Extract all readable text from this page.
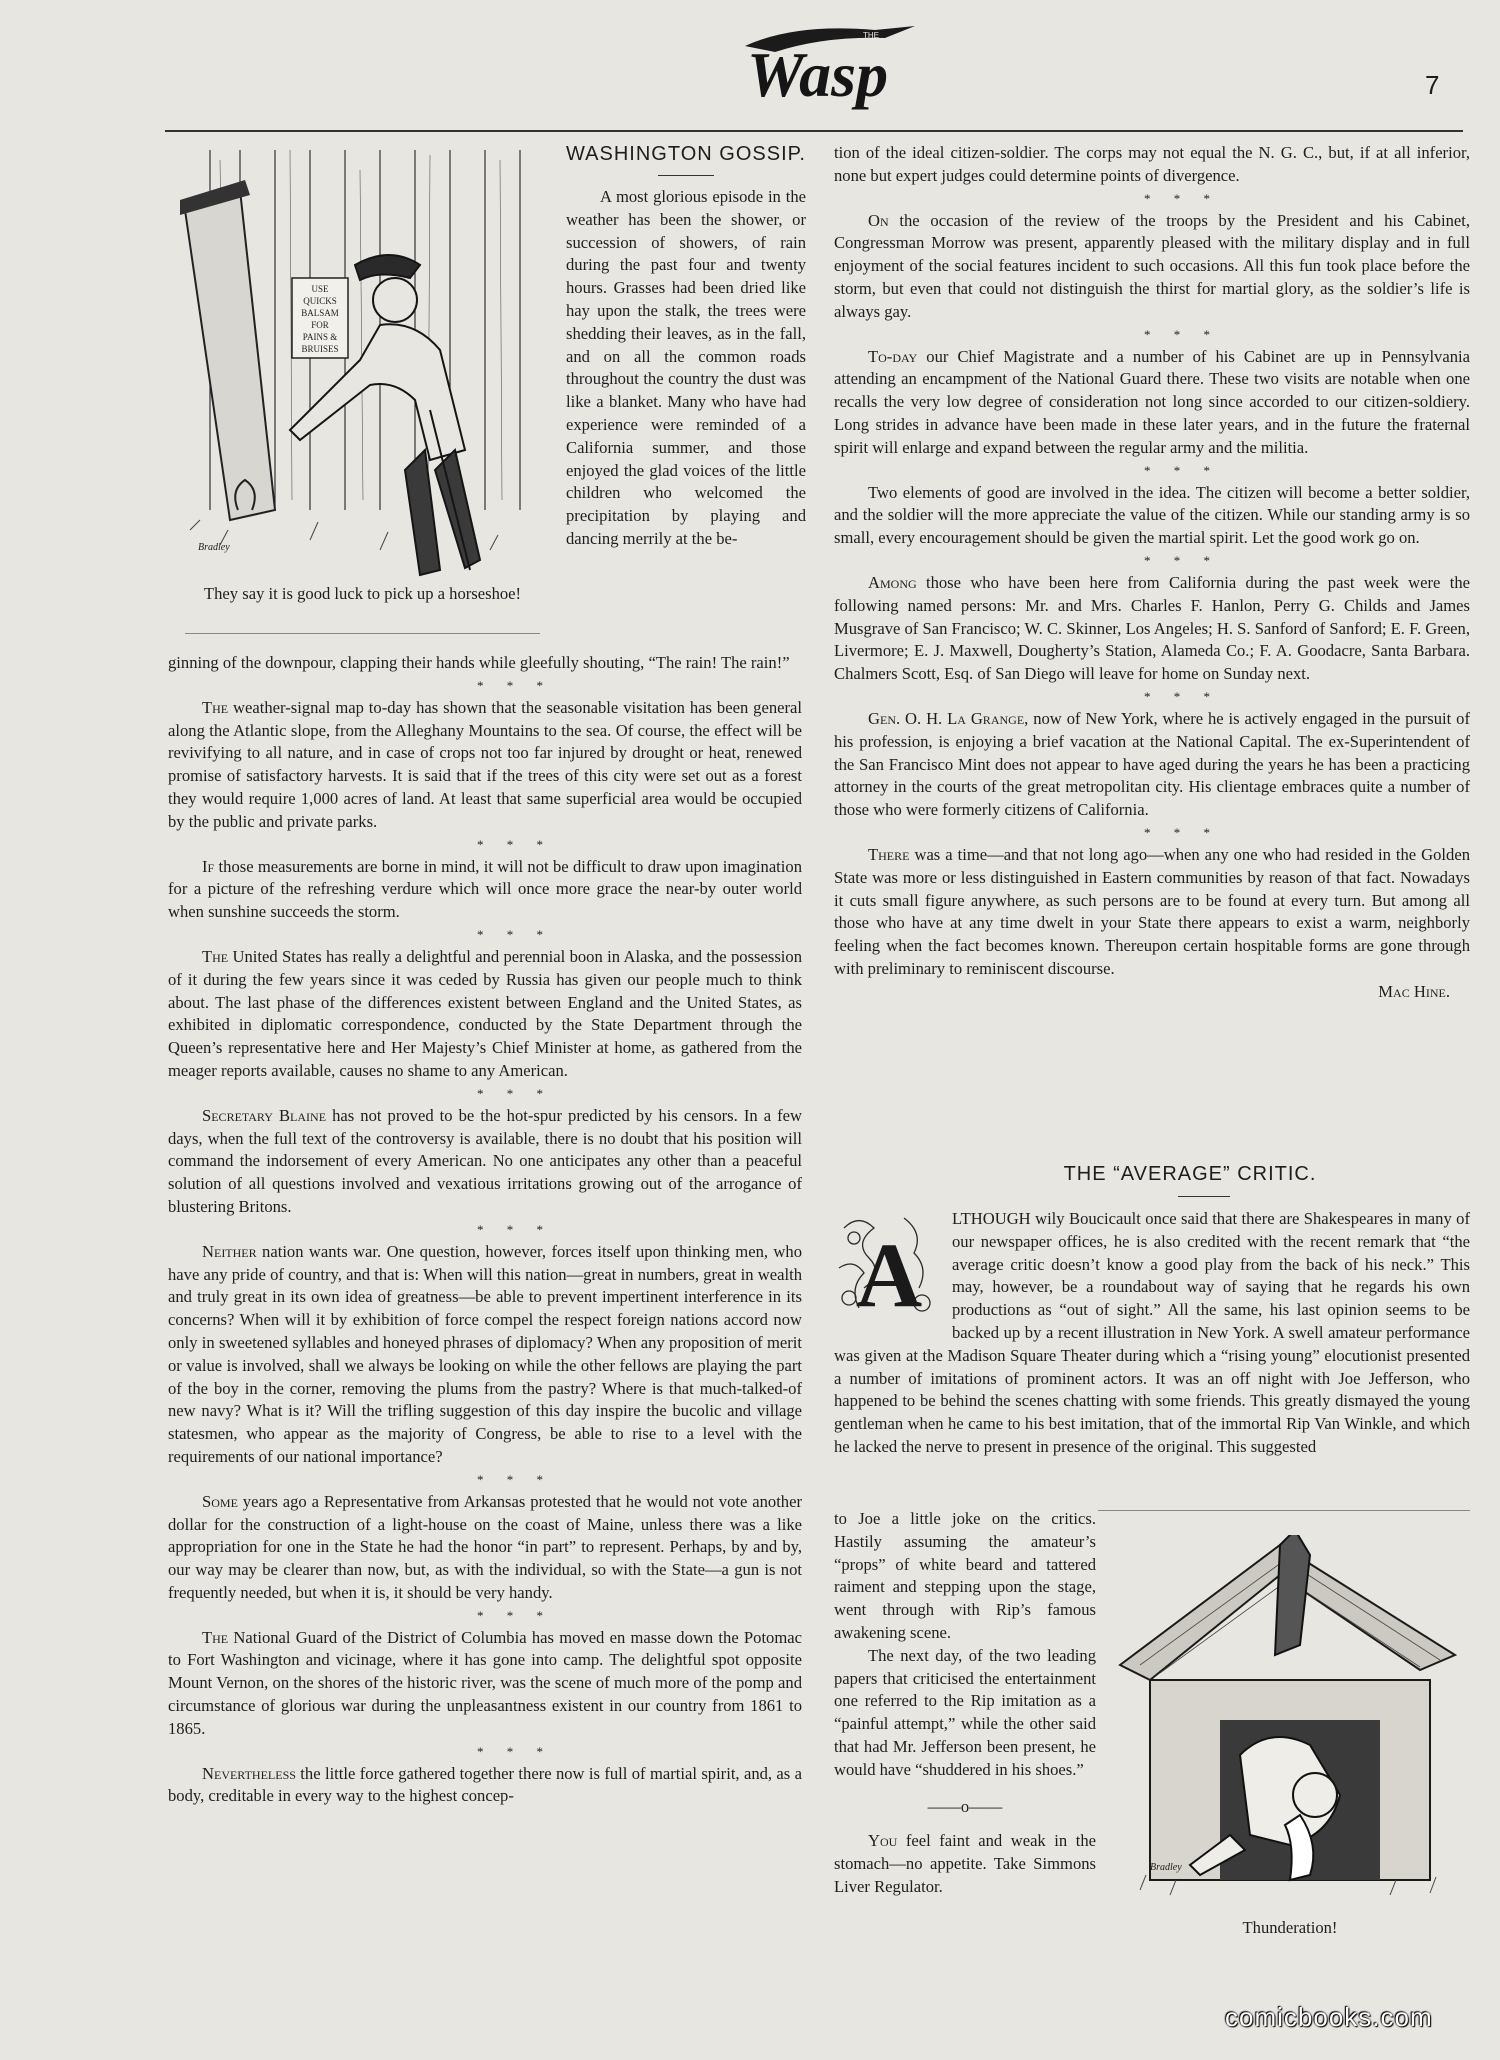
THE
Wasp	7
USE
QUICKS
BALSAM
FOR
PAINS &
BRUISES
Bradley
They say it is good luck to pick up a horseshoe!
WASHINGTON GOSSIP.

A most glorious episode in the weather has been the shower, or succession of showers, of rain during the past four and twenty hours. Grasses had been dried like hay upon the stalk, the trees were shedding their leaves, as in the fall, and on all the common roads throughout the country the dust was like a blanket. Many who have had experience were reminded of a California summer, and those enjoyed the glad voices of the little children who welcomed the precipitation by playing and dancing merrily at the be-

ginning of the downpour, clapping their hands while gleefully shouting, “The rain! The rain!”

* * *

The weather-signal map to-day has shown that the seasonable visitation has been general along the Atlantic slope, from the Alleghany Mountains to the sea. Of course, the effect will be revivifying to all nature, and in case of crops not too far injured by drought or heat, renewed promise of satisfactory harvests. It is said that if the trees of this city were set out as a forest they would require 1,000 acres of land. At least that same superficial area would be occupied by the public and private parks.

* * *

If those measurements are borne in mind, it will not be difficult to draw upon imagination for a picture of the refreshing verdure which will once more grace the near-by outer world when sunshine succeeds the storm.

* * *

The United States has really a delightful and perennial boon in Alaska, and the possession of it during the few years since it was ceded by Russia has given our people much to think about. The last phase of the differences existent between England and the United States, as exhibited in diplomatic correspondence, conducted by the State Department through the Queen’s representative here and Her Majesty’s Chief Minister at home, as gathered from the meager reports available, causes no shame to any American.

* * *

Secretary Blaine has not proved to be the hot-spur predicted by his censors. In a few days, when the full text of the controversy is available, there is no doubt that his position will command the indorsement of every American. No one anticipates any other than a peaceful solution of all questions involved and vexatious irritations growing out of the arrogance of blustering Britons.

* * *

Neither nation wants war. One question, however, forces itself upon thinking men, who have any pride of country, and that is: When will this nation—great in numbers, great in wealth and truly great in its own idea of greatness—be able to prevent impertinent interference in its concerns? When will it by exhibition of force compel the respect foreign nations accord now only in sweetened syllables and honeyed phrases of diplomacy? When any proposition of merit or value is involved, shall we always be looking on while the other fellows are playing the part of the boy in the corner, removing the plums from the pastry? Where is that much-talked-of new navy? What is it? Will the trifling suggestion of this day inspire the bucolic and village statesmen, who appear as the majority of Congress, be able to rise to a level with the requirements of our national importance?

* * *

Some years ago a Representative from Arkansas protested that he would not vote another dollar for the construction of a light-house on the coast of Maine, unless there was a like appropriation for one in the State he had the honor “in part” to represent. Perhaps, by and by, our way may be clearer than now, but, as with the individual, so with the State—a gun is not frequently needed, but when it is, it should be very handy.

* * *

The National Guard of the District of Columbia has moved en masse down the Potomac to Fort Washington and vicinage, where it has gone into camp. The delightful spot opposite Mount Vernon, on the shores of the historic river, was the scene of much more of the pomp and circumstance of glorious war during the unpleasantness existent in our country from 1861 to 1865.

* * *

Nevertheless the little force gathered together there now is full of martial spirit, and, as a body, creditable in every way to the highest concep-

tion of the ideal citizen-soldier. The corps may not equal the N. G. C., but, if at all inferior, none but expert judges could determine points of divergence.

* * *

On the occasion of the review of the troops by the President and his Cabinet, Congressman Morrow was present, apparently pleased with the military display and in full enjoyment of the social features incident to such occasions. All this fun took place before the storm, but even that could not distinguish the thirst for martial glory, as the soldier’s life is always gay.

* * *

To-day our Chief Magistrate and a number of his Cabinet are up in Pennsylvania attending an encampment of the National Guard there. These two visits are notable when one recalls the very low degree of consideration not long since accorded to our citizen-soldiery. Long strides in advance have been made in these later years, and in the future the fraternal spirit will enlarge and expand between the regular army and the militia.

* * *

Two elements of good are involved in the idea. The citizen will become a better soldier, and the soldier will the more appreciate the value of the citizen. While our standing army is so small, every encouragement should be given the martial spirit. Let the good work go on.

* * *

Among those who have been here from California during the past week were the following named persons: Mr. and Mrs. Charles F. Hanlon, Perry G. Childs and James Musgrave of San Francisco; W. C. Skinner, Los Angeles; H. S. Sanford of Sanford; E. F. Green, Livermore; E. J. Maxwell, Dougherty’s Station, Alameda Co.; F. A. Goodacre, Santa Barbara. Chalmers Scott, Esq. of San Diego will leave for home on Sunday next.

* * *

Gen. O. H. La Grange, now of New York, where he is actively engaged in the pursuit of his profession, is enjoying a brief vacation at the National Capital. The ex-Superintendent of the San Francisco Mint does not appear to have aged during the years he has been a practicing attorney in the courts of the great metropolitan city. His clientage embraces quite a number of those who were formerly citizens of California.

* * *

There was a time—and that not long ago—when any one who had resided in the Golden State was more or less distinguished in Eastern communities by reason of that fact. Nowadays it cuts small figure anywhere, as such persons are to be found at every turn. But among all those who have at any time dwelt in your State there appears to exist a warm, neighborly feeling when the fact becomes known. Thereupon certain hospitable forms are gone through with preliminary to reminiscent discourse.

Mac Hine.
THE “AVERAGE” CRITIC.
A

LTHOUGH wily Boucicault once said that there are Shakespeares in many of our newspaper offices, he is also credited with the recent remark that “the average critic doesn’t know a good play from the back of his neck.” This may, however, be a roundabout way of saying that he regards his own productions as “out of sight.” All the same, his last opinion seems to be backed up by a recent illustration in New York. A swell amateur performance was given at the Madison Square Theater during which a “rising young” elocutionist presented a number of imitations of prominent actors. It was an off night with Joe Jefferson, who happened to be behind the scenes chatting with some friends. This greatly dismayed the young gentleman when he came to his best imitation, that of the immortal Rip Van Winkle, and which he lacked the nerve to present in presence of the original. This suggested

to Joe a little joke on the critics. Hastily assuming the amateur’s “props” of white beard and tattered raiment and stepping upon the stage, went through with Rip’s famous awakening scene.

The next day, of the two leading papers that criticised the entertainment one referred to the Rip imitation as a “painful attempt,” while the other said that had Mr. Jefferson been present, he would have “shuddered in his shoes.”

——o——

You feel faint and weak in the stomach—no appetite. Take Simmons Liver Regulator.

Bradley
Thunderation!
comicbooks.com
